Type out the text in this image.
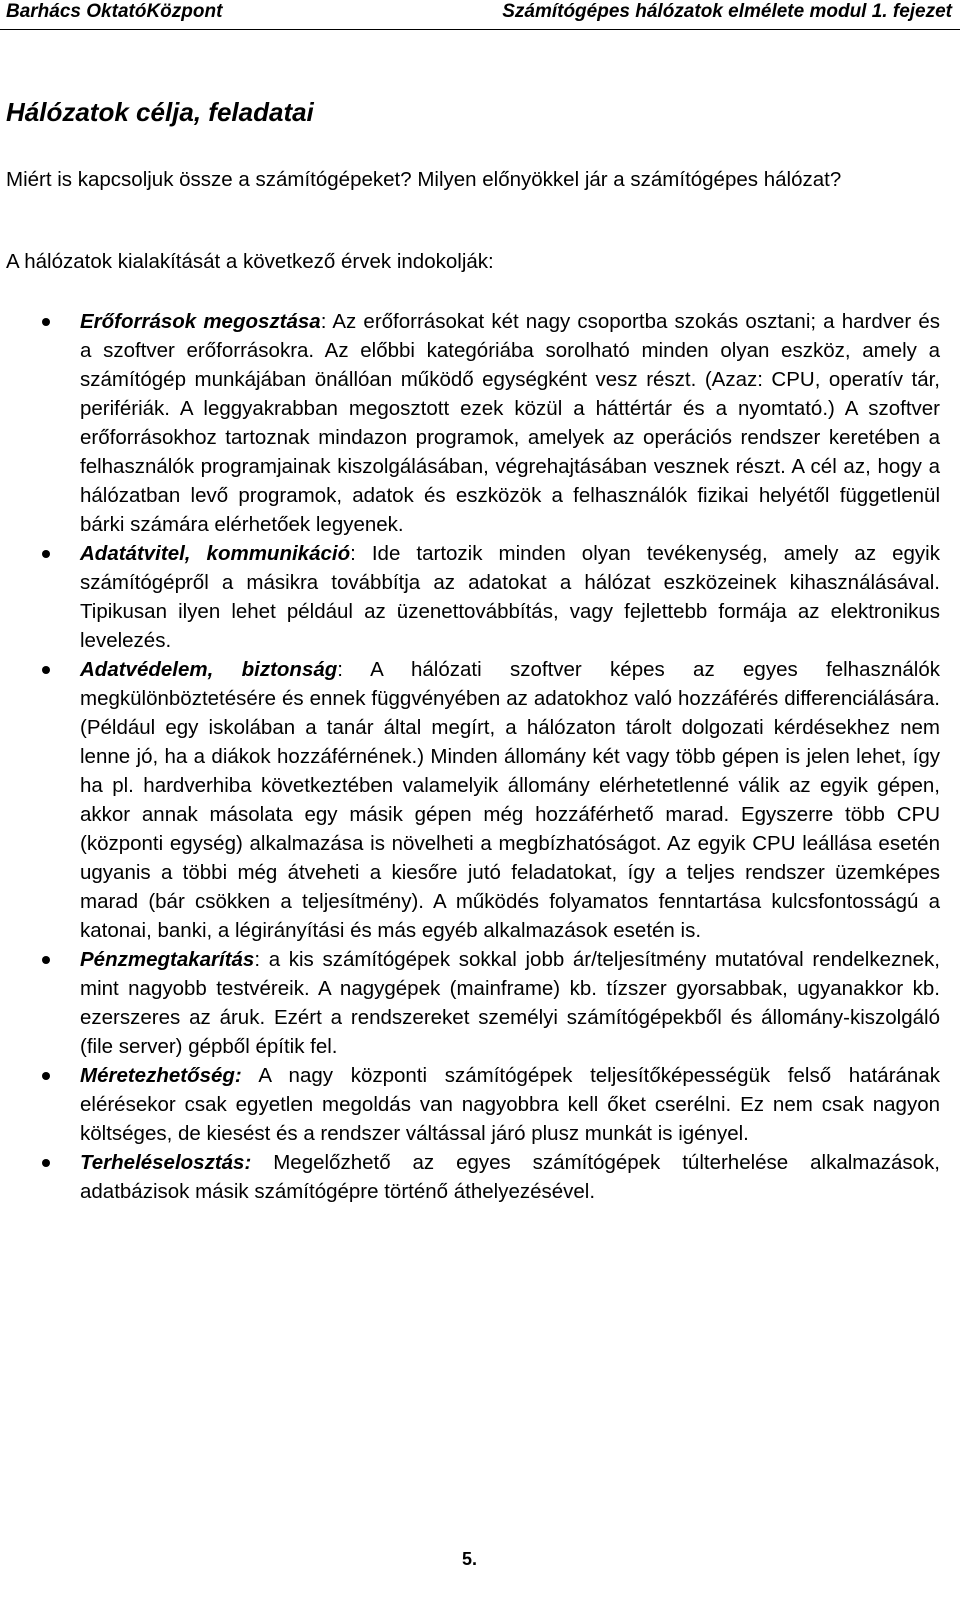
Barhács OktatóKözpont	Számítógépes hálózatok elmélete modul 1. fejezet
Hálózatok célja, feladatai

Miért is kapcsoljuk össze a számítógépeket? Milyen előnyökkel jár a számítógépes hálózat?

A hálózatok kialakítását a következő érvek indokolják:

Erőforrások megosztása: Az erőforrásokat két nagy csoportba szokás osztani; a hardver és a szoftver erőforrásokra. Az előbbi kategóriába sorolható minden olyan eszköz, amely a számítógép munkájában önállóan működő egységként vesz részt. (Azaz: CPU, operatív tár, perifériák. A leggyakrabban megosztott ezek közül a háttértár és a nyomtató.) A szoftver erőforrásokhoz tartoznak mindazon programok, amelyek az operációs rendszer keretében a felhasználók programjainak kiszolgálásában, végrehajtásában vesznek részt. A cél az, hogy a hálózatban levő programok, adatok és eszközök a felhasználók fizikai helyétől függetlenül bárki számára elérhetőek legyenek.
Adatátvitel, kommunikáció: Ide tartozik minden olyan tevékenység, amely az egyik számítógépről a másikra továbbítja az adatokat a hálózat eszközeinek kihasználásával. Tipikusan ilyen lehet például az üzenettovábbítás, vagy fejlettebb formája az elektronikus levelezés.
Adatvédelem, biztonság: A hálózati szoftver képes az egyes felhasználók megkülönböztetésére és ennek függvényében az adatokhoz való hozzáférés differenciálására. (Például egy iskolában a tanár által megírt, a hálózaton tárolt dolgozati kérdésekhez nem lenne jó, ha a diákok hozzáférnének.) Minden állomány két vagy több gépen is jelen lehet, így ha pl. hardverhiba következtében valamelyik állomány elérhetetlenné válik az egyik gépen, akkor annak másolata egy másik gépen még hozzáférhető marad. Egyszerre több CPU (központi egység) alkalmazása is növelheti a megbízhatóságot. Az egyik CPU leállása esetén ugyanis a többi még átveheti a kiesőre jutó feladatokat, így a teljes rendszer üzemképes marad (bár csökken a teljesítmény). A működés folyamatos fenntartása kulcsfontosságú a katonai, banki, a légirányítási és más egyéb alkalmazások esetén is.
Pénzmegtakarítás: a kis számítógépek sokkal jobb ár/teljesítmény mutatóval rendelkeznek, mint nagyobb testvéreik. A nagygépek (mainframe) kb. tízszer gyorsabbak, ugyanakkor kb. ezerszeres az áruk. Ezért a rendszereket személyi számítógépekből és állomány-kiszolgáló (file server) gépből építik fel.
Méretezhetőség: A nagy központi számítógépek teljesítőképességük felső határának elérésekor csak egyetlen megoldás van nagyobbra kell őket cserélni. Ez nem csak nagyon költséges, de kiesést és a rendszer váltással járó plusz munkát is igényel.
Terheléselosztás: Megelőzhető az egyes számítógépek túlterhelése alkalmazások, adatbázisok másik számítógépre történő áthelyezésével.
5.
